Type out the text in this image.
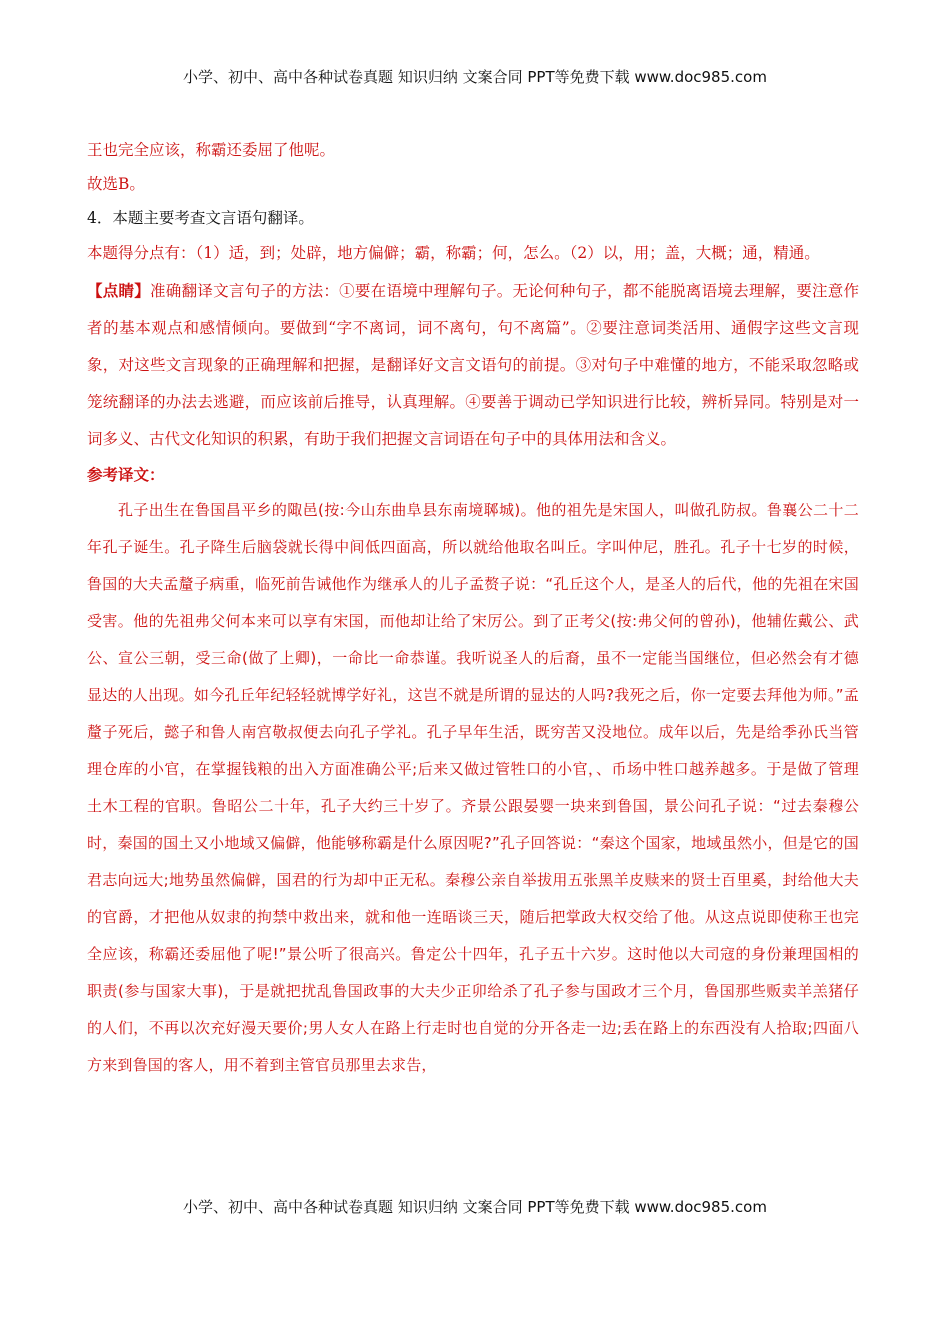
小学、初中、高中各种试卷真题 知识归纳 文案合同 PPT等免费下载 www.doc985.com

王也完全应该，称霸还委屈了他呢。

故选B。

4．本题主要考查文言语句翻译。

本题得分点有：（1）适，到；处辟，地方偏僻；霸，称霸；何，怎么。（2）以，用；盖，大概；通，精通。

【点睛】准确翻译文言句子的方法：①要在语境中理解句子。无论何种句子，都不能脱离语境去理解，要注意作者的基本观点和感情倾向。要做到“字不离词，词不离句，句不离篇”。②要注意词类活用、通假字这些文言现象，对这些文言现象的正确理解和把握，是翻译好文言文语句的前提。③对句子中难懂的地方，不能采取忽略或笼统翻译的办法去逃避，而应该前后推导，认真理解。④要善于调动已学知识进行比较，辨析异同。特别是对一词多义、古代文化知识的积累，有助于我们把握文言词语在句子中的具体用法和含义。

参考译文：

孔子出生在鲁国昌平乡的陬邑(按:今山东曲阜县东南境郰城)。他的祖先是宋国人，叫做孔防叔。鲁襄公二十二年孔子诞生。孔子降生后脑袋就长得中间低四面高，所以就给他取名叫丘。字叫仲尼，胜孔。孔子十七岁的时候，鲁国的大夫孟釐子病重，临死前告诫他作为继承人的儿子孟赘子说：“孔丘这个人，是圣人的后代，他的先祖在宋国受害。他的先祖弗父何本来可以享有宋国，而他却让给了宋厉公。到了正考父(按:弗父何的曾孙)，他辅佐戴公、武公、宣公三朝，受三命(做了上卿)，一命比一命恭谨。我听说圣人的后裔，虽不一定能当国继位，但必然会有才德显达的人出现。如今孔丘年纪轻轻就博学好礼，这岂不就是所谓的显达的人吗?我死之后，你一定要去拜他为师。”孟釐子死后，懿子和鲁人南宫敬叔便去向孔子学礼。孔子早年生活，既穷苦又没地位。成年以后，先是给季孙氏当管理仓库的小官，在掌握钱粮的出入方面准确公平;后来又做过管牲口的小官，、币场中牲口越养越多。于是做了管理土木工程的官职。鲁昭公二十年，孔子大约三十岁了。齐景公跟晏婴一块来到鲁国，景公问孔子说：“过去秦穆公时，秦国的国土又小地域又偏僻，他能够称霸是什么原因呢?”孔子回答说：“秦这个国家，地域虽然小，但是它的国君志向远大;地势虽然偏僻，国君的行为却中正无私。秦穆公亲自举拔用五张黑羊皮赎来的贤士百里奚，封给他大夫的官爵，才把他从奴隶的拘禁中救出来，就和他一连晤谈三天，随后把掌政大权交给了他。从这点说即使称王也完全应该，称霸还委屈他了呢!”景公听了很高兴。鲁定公十四年，孔子五十六岁。这时他以大司寇的身份兼理国相的职责(参与国家大事)，于是就把扰乱鲁国政事的大夫少正卯给杀了孔子参与国政才三个月，鲁国那些贩卖羊羔猪仔的人们，不再以次充好漫天要价;男人女人在路上行走时也自觉的分开各走一边;丢在路上的东西没有人拾取;四面八方来到鲁国的客人，用不着到主管官员那里去求告，

小学、初中、高中各种试卷真题 知识归纳 文案合同 PPT等免费下载 www.doc985.com
